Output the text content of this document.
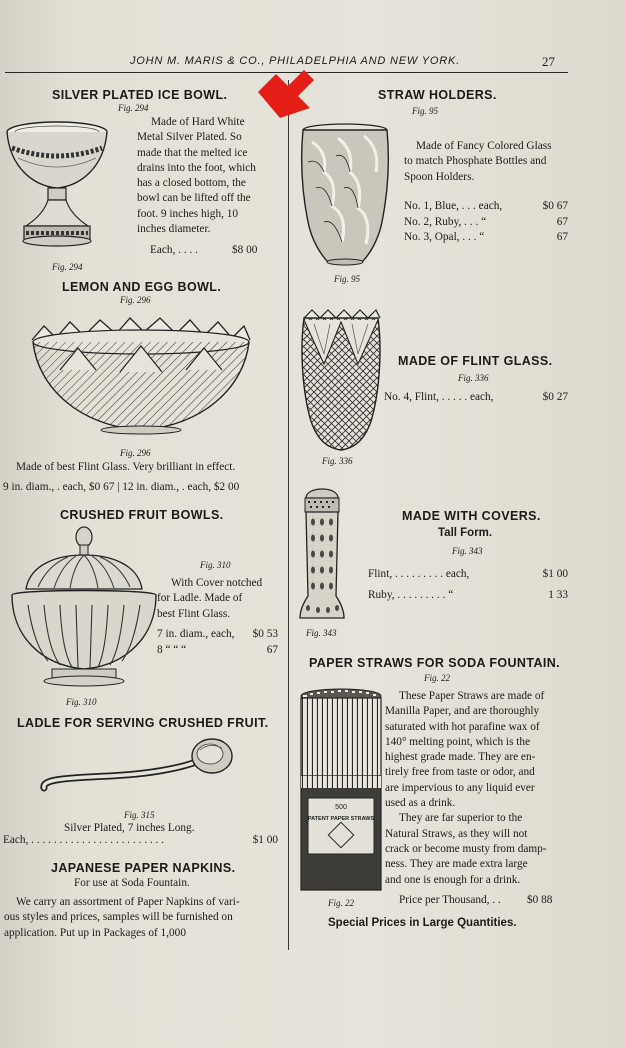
JOHN M. MARIS & CO., PHILADELPHIA AND NEW YORK.	27
SILVER PLATED ICE BOWL.
Fig. 294
Made of Hard White
Metal Silver Plated. So
made that the melted ice
drains into the foot, which
has a closed bottom, the
bowl can be lifted off the
foot. 9 inches high, 10
inches diameter.
Each, . . . .	$8 00
Fig. 294
LEMON AND EGG BOWL.
Fig. 296
Fig. 296
Made of best Flint Glass. Very brilliant in effect.
9 in. diam., . each, $0 67 | 12 in. diam., . each, $2 00
CRUSHED FRUIT BOWLS.
Fig. 310
With Cover notched
for Ladle. Made of
best Flint Glass.
7 in. diam., each, $0 53
8 “ “ “	67
Fig. 310
LADLE FOR SERVING CRUSHED FRUIT.
Fig. 315
Silver Plated, 7 inches Long.
Each, . . . . . . . . . . . . . . . . . . . . . . . .	$1 00
JAPANESE PAPER NAPKINS.
For use at Soda Fountain.
We carry an assortment of Paper Napkins of vari-
ous styles and prices, samples will be furnished on
application. Put up in Packages of 1,000
STRAW HOLDERS.
Fig. 95
Fig. 95
Made of Fancy Colored Glass
to match Phosphate Bottles and
Spoon Holders.
No. 1, Blue, . . . each,	$0 67
No. 2, Ruby, . . . “	67
No. 3, Opal, . . . “	67
Fig. 336
MADE OF FLINT GLASS.
Fig. 336
No. 4, Flint, . . . . . each,	$0 27
Fig. 343
MADE WITH COVERS.
Tall Form.
Fig. 343
Flint, . . . . . . . . . each,	$1 00
Ruby, . . . . . . . . . “	1 33
PAPER STRAWS FOR SODA FOUNTAIN.
Fig. 22
500
PATENT PAPER STRAWS
Fig. 22
These Paper Straws are made of
Manilla Paper, and are thoroughly
saturated with hot parafine wax of
140° melting point, which is the
highest grade made. They are en-
tirely free from taste or odor, and
are impervious to any liquid ever
used as a drink.
They are far superior to the
Natural Straws, as they will not
crack or become musty from damp-
ness. They are made extra large
and one is enough for a drink.
Price per Thousand, . . $0 88
Special Prices in Large Quantities.
